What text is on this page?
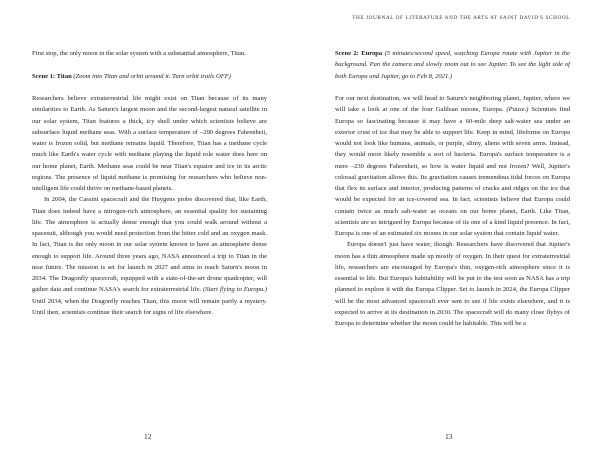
First stop, the only moon in the solar system with a substantial atmosphere, Titan.

Scene 1: Titan (Zoom into Titan and orbit around it. Turn orbit trails OFF)

Researchers believe extraterrestrial life might exist on Titan because of its many similarities to Earth. As Saturn's largest moon and the second-largest natural satellite in our solar system, Titan features a thick, icy shell under which scientists believe are subsurface liquid methane seas. With a surface temperature of –290 degrees Fahrenheit, water is frozen solid, but methane remains liquid. Therefore, Titan has a methane cycle much like Earth's water cycle with methane playing the liquid role water does here on our home planet, Earth. Methane seas could be near Titan's equator and ice in its arctic regions. The presence of liquid methane is promising for researchers who believe non-intelligent life could thrive on methane-based planets.

In 2004, the Cassini spacecraft and the Huygens probe discovered that, like Earth, Titan does indeed have a nitrogen-rich atmosphere, an essential quality for sustaining life. The atmosphere is actually dense enough that you could walk around without a spacesuit, although you would need protection from the bitter cold and an oxygen mask. In fact, Titan is the only moon in our solar system known to have an atmosphere dense enough to support life. Around three years ago, NASA announced a trip to Titan in the near future. The mission is set for launch in 2027 and aims to reach Saturn's moon in 2034. The Dragonfly spacecraft, equipped with a state-of-the-art drone quadcopter, will gather data and continue NASA's search for extraterrestrial life. (Start flying to Europa.) Until 2034, when the Dragonfly reaches Titan, this moon will remain partly a mystery. Until then, scientists continue their search for signs of life elsewhere.

12
THE JOURNAL OF LITERATURE AND THE ARTS AT SAINT DAVID'S SCHOOL

Scene 2: Europa (5 minutes/second speed, watching Europa rotate with Jupiter in the background. Pan the camera and slowly zoom out to see Jupiter. To see the light side of both Europa and Jupiter, go to Feb 8, 2021.)

For our next destination, we will head to Saturn's neighboring planet, Jupiter, where we will take a look at one of the four Galilean moons, Europa. (Pause.) Scientists find Europa so fascinating because it may have a 60-mile deep salt-water sea under an exterior crust of ice that may be able to support life. Keep in mind, lifeforms on Europa would not look like humans, animals, or purple, slimy, aliens with seven arms. Instead, they would more likely resemble a sort of bacteria. Europa's surface temperature is a mere –230 degrees Fahrenheit, so how is water liquid and not frozen? Well, Jupiter's colossal gravitation allows this. Its gravitation causes tremendous tidal forces on Europa that flex its surface and interior, producing patterns of cracks and ridges on the ice that would be expected for an ice-covered sea. In fact, scientists believe that Europa could contain twice as much salt-water as oceans on our home planet, Earth. Like Titan, scientists are so intrigued by Europa because of its one of a kind liquid presence. In fact, Europa is one of an estimated six moons in our solar system that contain liquid water.

Europa doesn't just have water, though. Researchers have discovered that Jupiter's moon has a thin atmosphere made up mostly of oxygen. In their quest for extraterrestrial life, researchers are encouraged by Europa's thin, oxygen-rich atmosphere since it is essential to life. But Europa's habitability will be put to the test soon as NASA has a trip planned to explore it with the Europa Clipper. Set to launch in 2024, the Europa Clipper will be the most advanced spacecraft ever sent to see if life exists elsewhere, and it is expected to arrive at its destination in 2030. The spacecraft will do many close flybys of Europa to determine whether the moon could be habitable. This will be a

13
